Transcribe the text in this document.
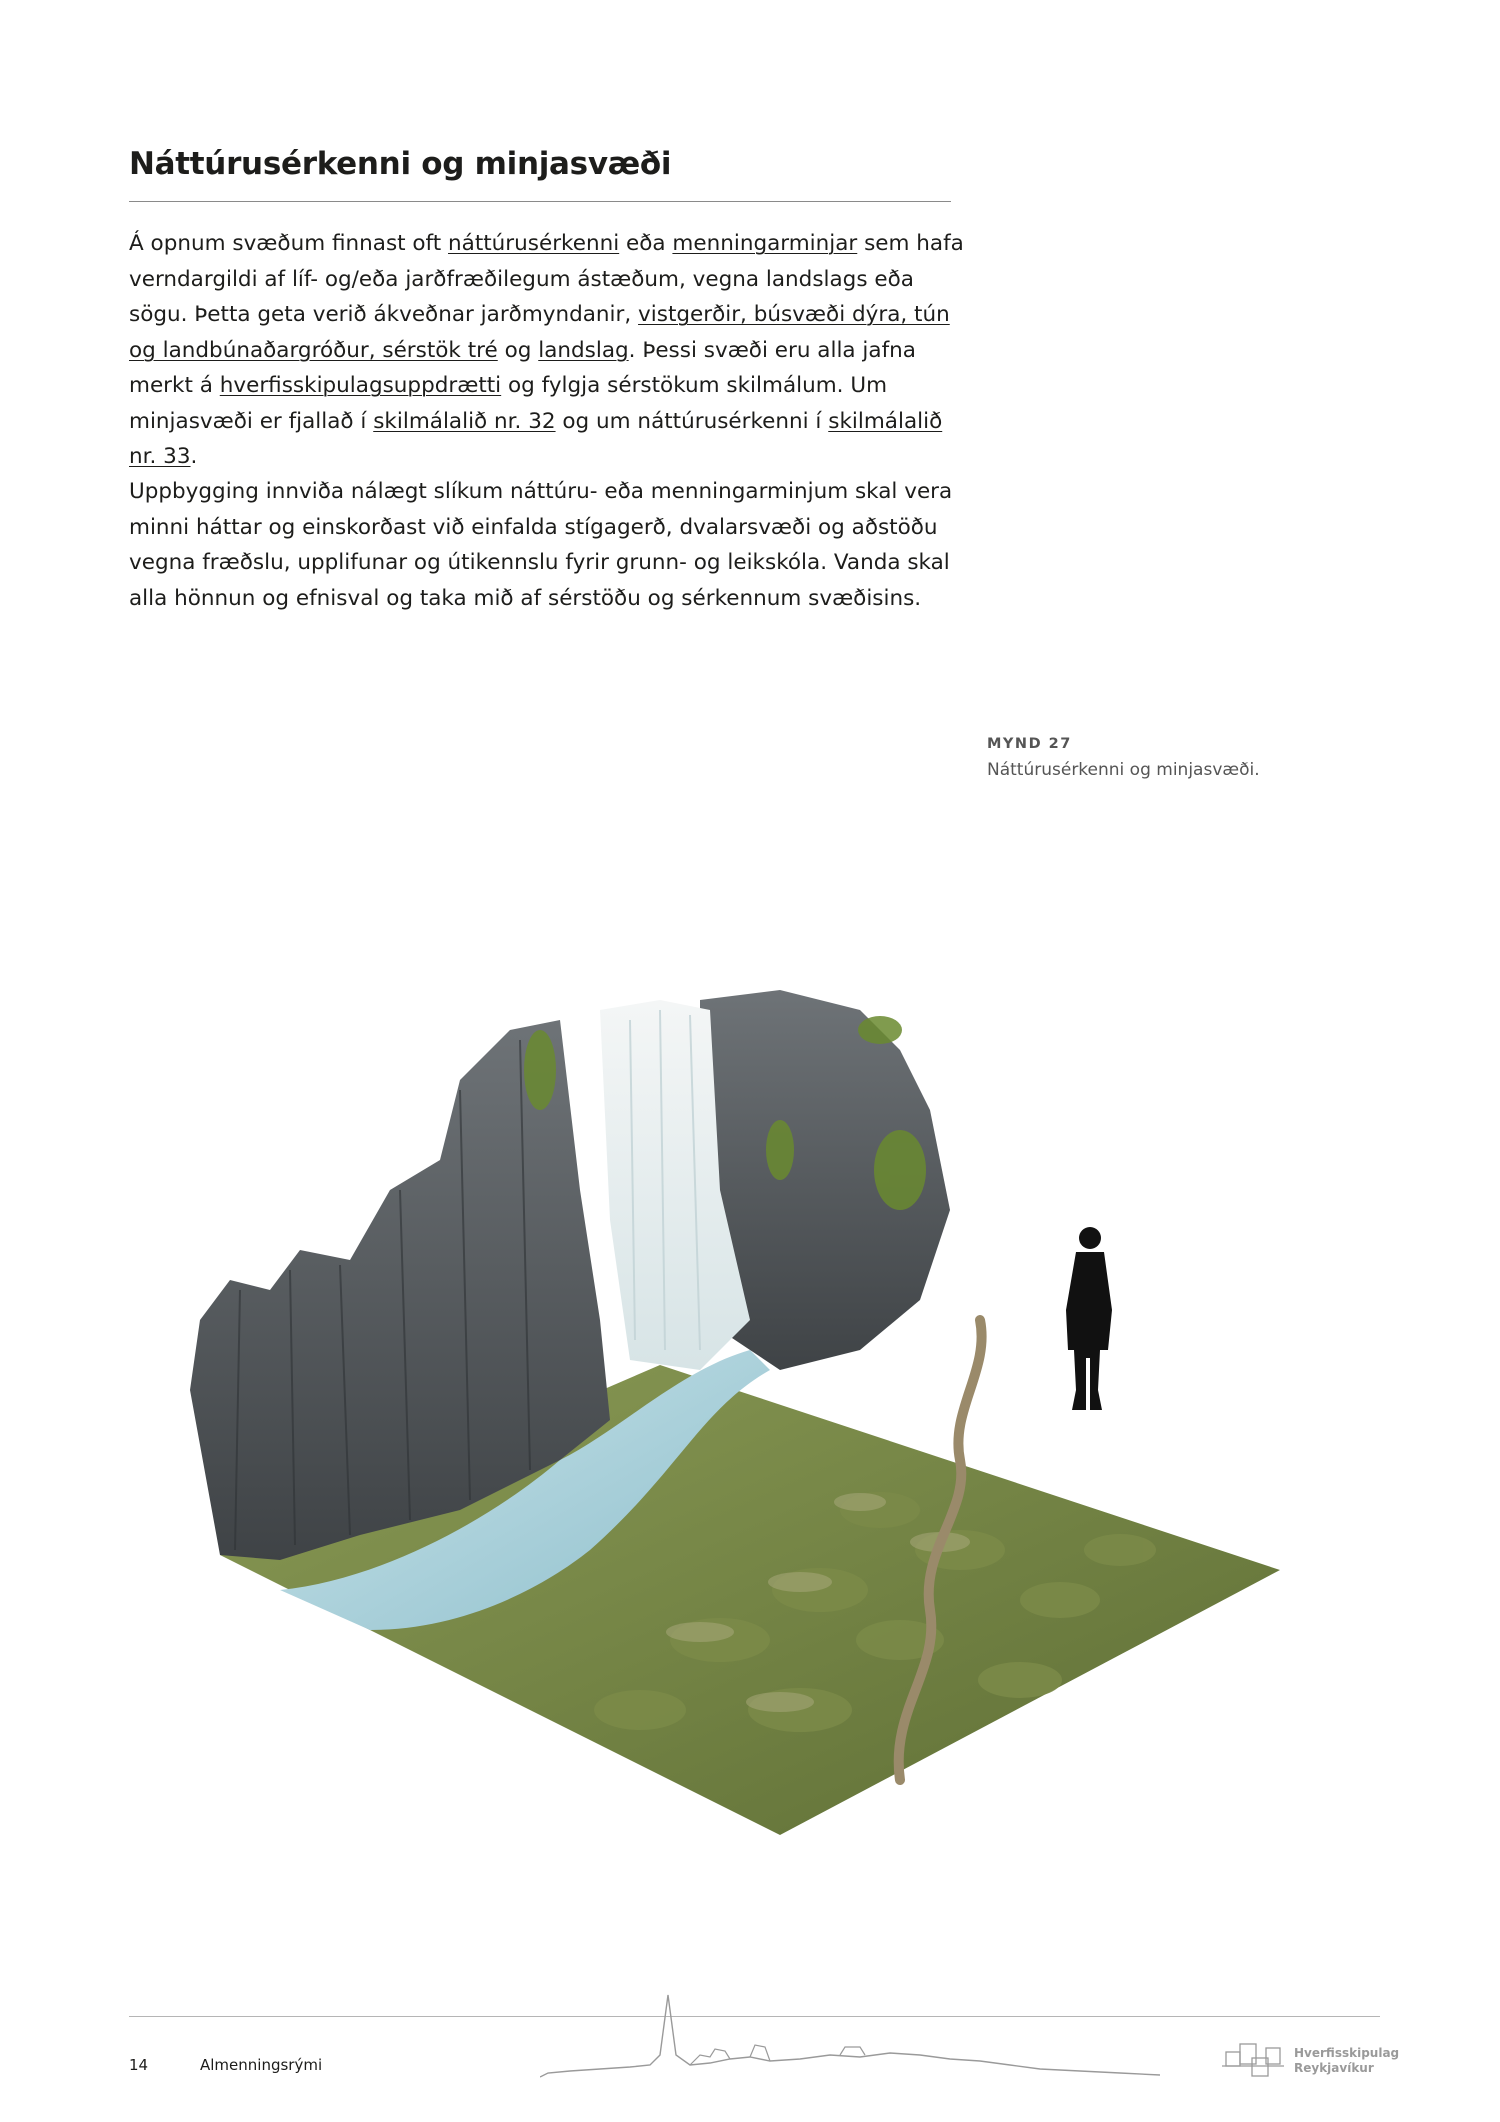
Náttúrusérkenni og minjasvæði

Á opnum svæðum finnast oft náttúrusérkenni eða menningarminjar sem hafa verndargildi af líf- og/eða jarðfræðilegum ástæðum, vegna landslags eða sögu. Þetta geta verið ákveðnar jarðmyndanir, vistgerðir, búsvæði dýra, tún og landbúnaðargróður, sérstök tré og landslag. Þessi svæði eru alla jafna merkt á hverfisskipulagsuppdrætti og fylgja sérstökum skilmálum. Um minjasvæði er fjallað í skilmálalið nr. 32 og um náttúrusérkenni í skilmálalið nr. 33.

Uppbygging innviða nálægt slíkum náttúru- eða menningarminjum skal vera minni háttar og einskorðast við einfalda stígagerð, dvalarsvæði og aðstöðu vegna fræðslu, upplifunar og útikennslu fyrir grunn- og leikskóla. Vanda skal alla hönnun og efnisval og taka mið af sérstöðu og sérkennum svæðisins.

MYND 27
Náttúrusérkenni og minjasvæði.
14	Almenningsrými
Hverfisskipulag
Reykjavíkur
